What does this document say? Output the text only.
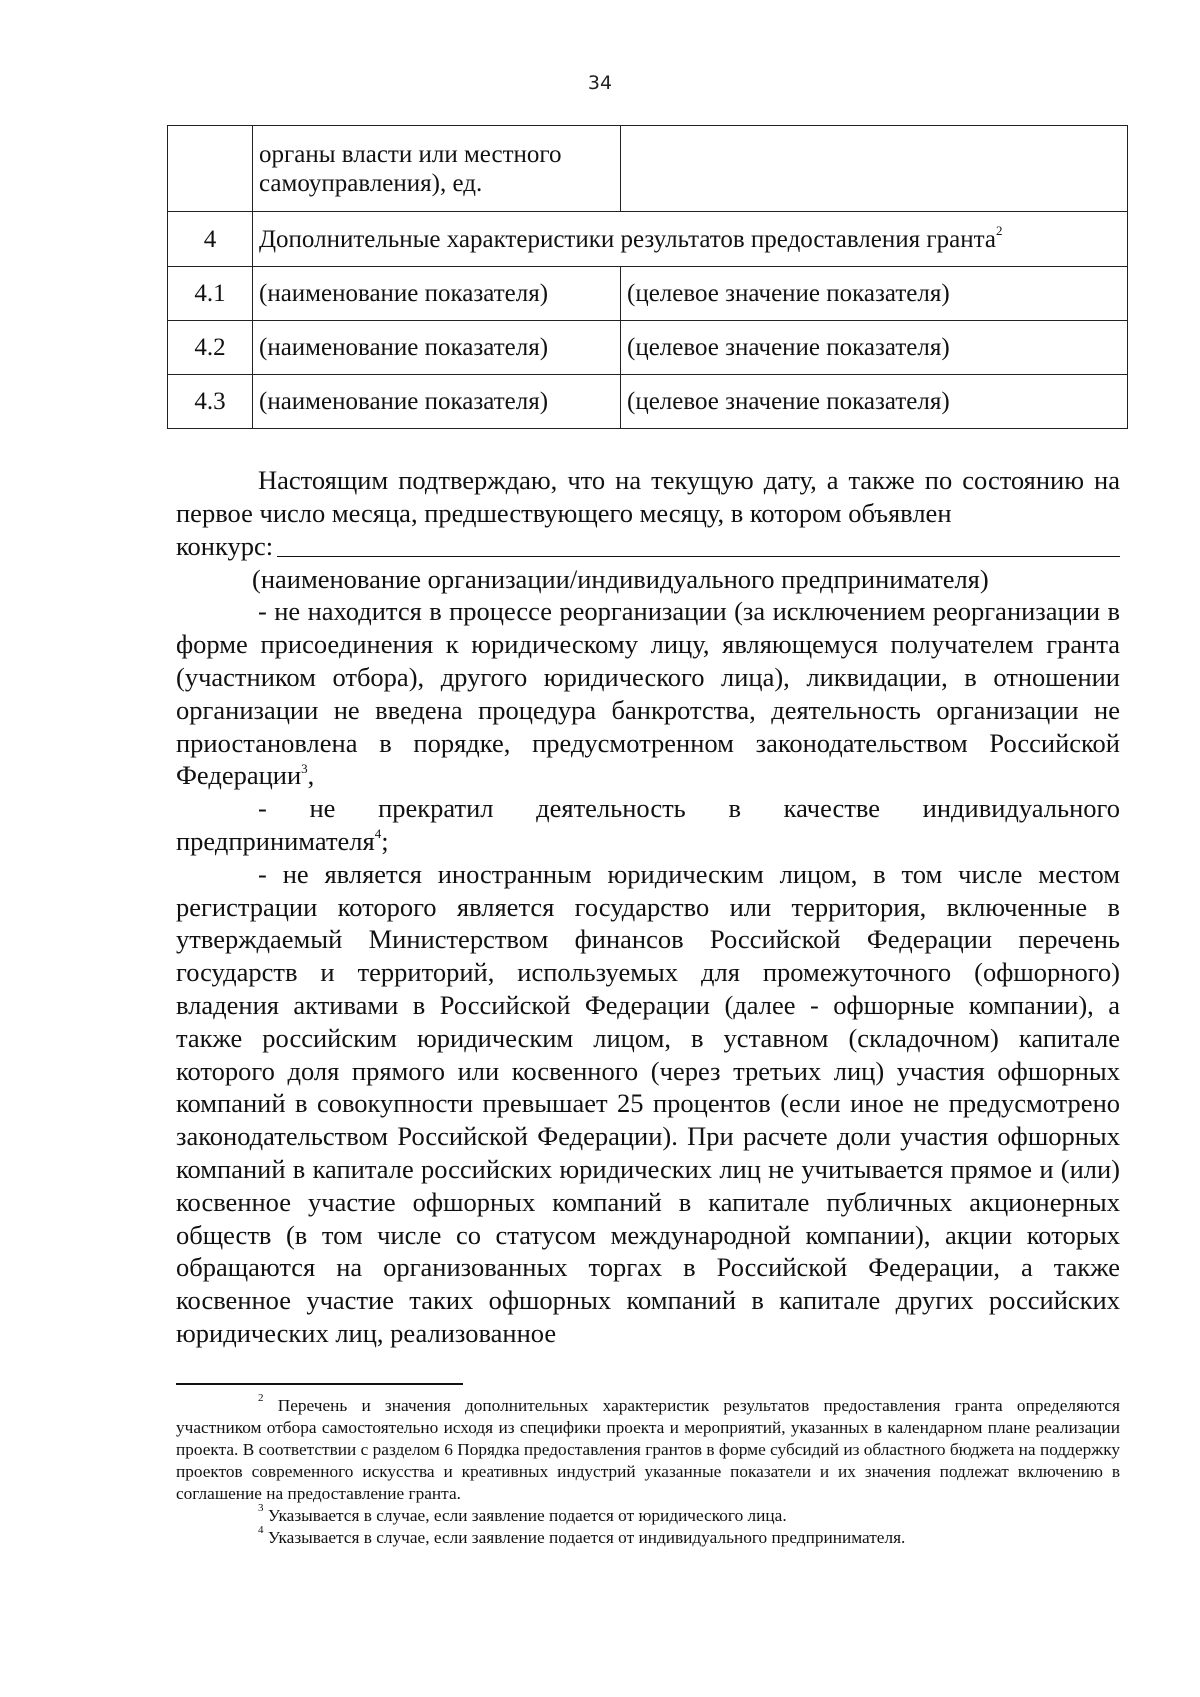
34

	органы власти или местного самоуправления), ед.	

4	Дополнительные характеристики результатов предоставления гранта$^2$
4.1	(наименование показателя)	(целевое значение показателя)
4.2	(наименование показателя)	(целевое значение показателя)
4.3	(наименование показателя)	(целевое значение показателя)

Настоящим подтверждаю, что на текущую дату, а также по состоянию на первое число месяца, предшествующего месяцу, в котором объявлен

конкурс:

(наименование организации/индивидуального предпринимателя)

- не находится в процессе реорганизации (за исключением реорганизации в форме присоединения к юридическому лицу, являющемуся получателем гранта (участником отбора), другого юридического лица), ликвидации, в отношении организации не введена процедура банкротства, деятельность организации не приостановлена в порядке, предусмотренном законодательством Российской Федерации$^3$,

- не прекратил деятельность в качестве индивидуального предпринимателя$^4$;

- не является иностранным юридическим лицом, в том числе местом регистрации которого является государство или территория, включенные в утверждаемый Министерством финансов Российской Федерации перечень государств и территорий, используемых для промежуточного (офшорного) владения активами в Российской Федерации (далее - офшорные компании), а также российским юридическим лицом, в уставном (складочном) капитале которого доля прямого или косвенного (через третьих лиц) участия офшорных компаний в совокупности превышает 25 процентов (если иное не предусмотрено законодательством Российской Федерации). При расчете доли участия офшорных компаний в капитале российских юридических лиц не учитывается прямое и (или) косвенное участие офшорных компаний в капитале публичных акционерных обществ (в том числе со статусом международной компании), акции которых обращаются на организованных торгах в Российской Федерации, а также косвенное участие таких офшорных компаний в капитале других российских юридических лиц, реализованное

$^2$ Перечень и значения дополнительных характеристик результатов предоставления гранта определяются участником отбора самостоятельно исходя из специфики проекта и мероприятий, указанных в календарном плане реализации проекта. В соответствии с разделом 6 Порядка предоставления грантов в форме субсидий из областного бюджета на поддержку проектов современного искусства и креативных индустрий указанные показатели и их значения подлежат включению в соглашение на предоставление гранта.

$^3$ Указывается в случае, если заявление подается от юридического лица.

$^4$ Указывается в случае, если заявление подается от индивидуального предпринимателя.
